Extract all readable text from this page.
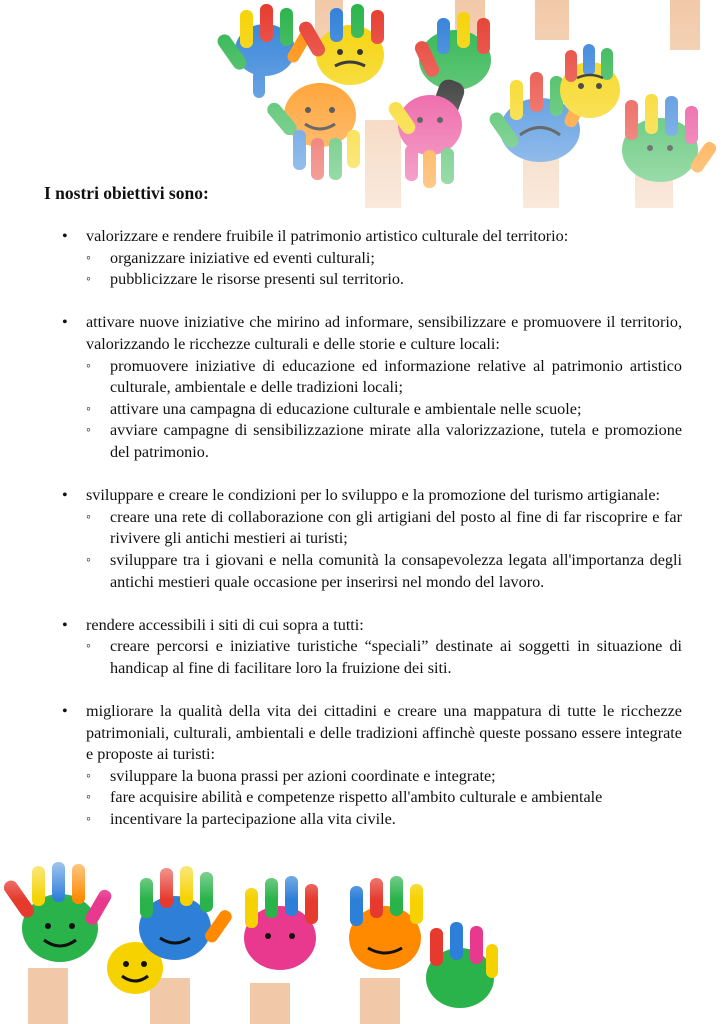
I nostri obiettivi sono:
• valorizzare e rendere fruibile il patrimonio artistico culturale del territorio:
◦ organizzare iniziative ed eventi culturali;
◦ pubblicizzare le risorse presenti sul territorio.
• attivare nuove iniziative che mirino ad informare, sensibilizzare e promuovere il territorio, valorizzando le ricchezze culturali e delle storie e culture locali:
◦ promuovere iniziative di educazione ed informazione relative al patrimonio artistico culturale, ambientale e delle tradizioni locali;
◦ attivare una campagna di educazione culturale e ambientale nelle scuole;
◦ avviare campagne di sensibilizzazione mirate alla valorizzazione, tutela e promozione del patrimonio.
• sviluppare e creare le condizioni per lo sviluppo e la promozione del turismo artigianale:
◦ creare una rete di collaborazione con gli artigiani del posto al fine di far riscoprire e far rivivere gli antichi mestieri ai turisti;
◦ sviluppare tra i giovani e nella comunità la consapevolezza legata all'importanza degli antichi mestieri quale occasione per inserirsi nel mondo del lavoro.
• rendere accessibili i siti di cui sopra a tutti:
◦ creare percorsi e iniziative turistiche “speciali” destinate ai soggetti in situazione di handicap al fine di facilitare loro la fruizione dei siti.
• migliorare la qualità della vita dei cittadini e creare una mappatura di tutte le ricchezze patrimoniali, culturali, ambientali e delle tradizioni affinchè queste possano essere integrate e proposte ai turisti:
◦ sviluppare la buona prassi per azioni coordinate e integrate;
◦ fare acquisire abilità e competenze rispetto all'ambito culturale e ambientale
◦ incentivare la partecipazione alla vita civile.
